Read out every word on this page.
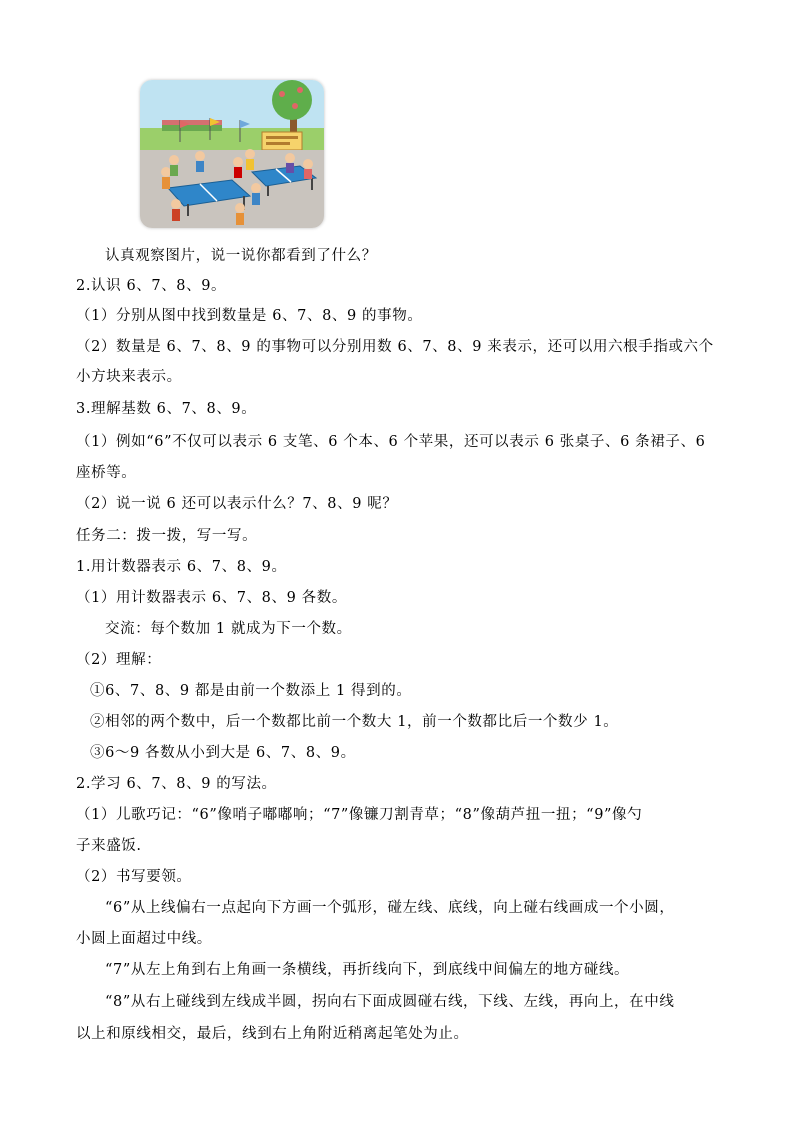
认真观察图片，说一说你都看到了什么？
2.认识 6、7、8、9。
（1）分别从图中找到数量是 6、7、8、9 的事物。
（2）数量是 6、7、8、9 的事物可以分别用数 6、7、8、9 来表示，还可以用六根手指或六个
小方块来表示。
3.理解基数 6、7、8、9。
（1）例如“6”不仅可以表示 6 支笔、6 个本、6 个苹果，还可以表示 6 张桌子、6 条裙子、6
座桥等。
（2）说一说 6 还可以表示什么？7、8、9 呢？
任务二：拨一拨，写一写。
1.用计数器表示 6、7、8、9。
（1）用计数器表示 6、7、8、9 各数。
交流：每个数加 1 就成为下一个数。
（2）理解：
①6、7、8、9 都是由前一个数添上 1 得到的。
②相邻的两个数中，后一个数都比前一个数大 1，前一个数都比后一个数少 1。
③6～9 各数从小到大是 6、7、8、9。
2.学习 6、7、8、9 的写法。
（1）儿歌巧记：“6”像哨子嘟嘟响；“7”像镰刀割青草；“8”像葫芦扭一扭；“9”像勺
子来盛饭.
（2）书写要领。
“6”从上线偏右一点起向下方画一个弧形，碰左线、底线，向上碰右线画成一个小圆，
小圆上面超过中线。
“7”从左上角到右上角画一条横线，再折线向下，到底线中间偏左的地方碰线。
“8”从右上碰线到左线成半圆，拐向右下面成圆碰右线，下线、左线，再向上，在中线
以上和原线相交，最后，线到右上角附近稍离起笔处为止。
